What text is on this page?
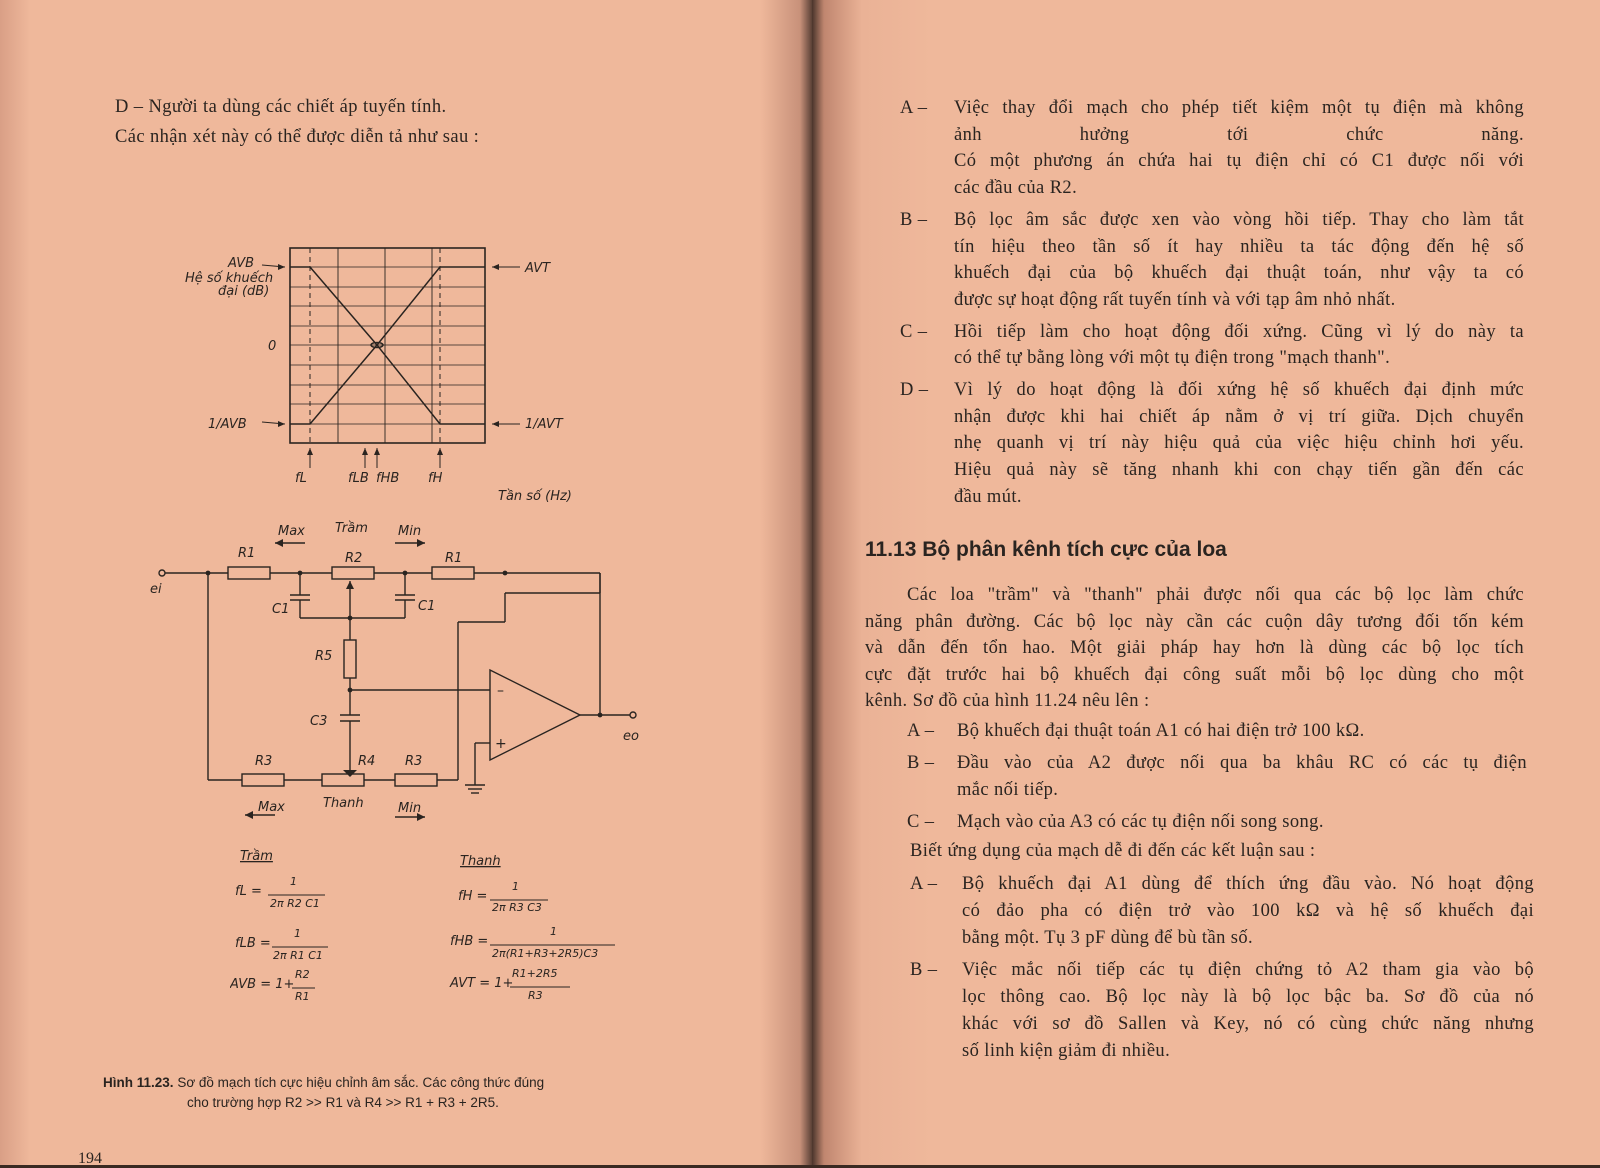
D – Người ta dùng các chiết áp tuyến tính.
Các nhận xét này có thể được diễn tả như sau :
AVB
Hệ số khuếch
đại (dB)
0
1/AVB
AVT
1/AVT
fL	fLB fHB fH
Tần số (Hz)
–
+
Max Trầm Min
ei
R1	R2	R1
C1	C1
R5
C3
R3	R4 R3
eo
Max	Thanh	Min
Trầm
fL =
1
2π R2 C1
fLB =
1
2π R1 C1
AVB = 1+
R2
R1
Thanh
fH =
1
2π R3 C3
fHB =
1
2π(R1+R3+2R5)C3
AVT = 1+
R1+2R5
R3
Hình 11.23. Sơ đồ mạch tích cực hiệu chỉnh âm sắc. Các công thức đúng
cho trường hợp R2 >> R1 và R4 >> R1 + R3 + 2R5.
194
A – Việc thay đổi mạch cho phép tiết kiệm một tụ điện mà không
ảnh hưởng tới chức năng.
Có một phương án chứa hai tụ điện chỉ có C1 được nối với
các đầu của R2.
B – Bộ lọc âm sắc được xen vào vòng hồi tiếp. Thay cho làm tắt
tín hiệu theo tần số ít hay nhiều ta tác động đến hệ số
khuếch đại của bộ khuếch đại thuật toán, như vậy ta có
được sự hoạt động rất tuyến tính và với tạp âm nhỏ nhất.
C – Hồi tiếp làm cho hoạt động đối xứng. Cũng vì lý do này ta
có thể tự bằng lòng với một tụ điện trong "mạch thanh".
D – Vì lý do hoạt động là đối xứng hệ số khuếch đại định mức
nhận được khi hai chiết áp nằm ở vị trí giữa. Dịch chuyển
nhẹ quanh vị trí này hiệu quả của việc hiệu chỉnh hơi yếu.
Hiệu quả này sẽ tăng nhanh khi con chạy tiến gần đến các
đầu mút.
11.13 Bộ phân kênh tích cực của loa
Các loa "trầm" và "thanh" phải được nối qua các bộ lọc làm chức
năng phân đường. Các bộ lọc này cần các cuộn dây tương đối tốn kém
và dẫn đến tổn hao. Một giải pháp hay hơn là dùng các bộ lọc tích
cực đặt trước hai bộ khuếch đại công suất mỗi bộ lọc dùng cho một
kênh. Sơ đồ của hình 11.24 nêu lên :
A – Bộ khuếch đại thuật toán A1 có hai điện trở 100 kΩ.
B – Đầu vào của A2 được nối qua ba khâu RC có các tụ điện
mắc nối tiếp.
C – Mạch vào của A3 có các tụ điện nối song song.
Biết ứng dụng của mạch dễ đi đến các kết luận sau :
A – Bộ khuếch đại A1 dùng để thích ứng đầu vào. Nó hoạt động
có đảo pha có điện trở vào 100 kΩ và hệ số khuếch đại
bằng một. Tụ 3 pF dùng để bù tần số.
B – Việc mắc nối tiếp các tụ điện chứng tỏ A2 tham gia vào bộ
lọc thông cao. Bộ lọc này là bộ lọc bậc ba. Sơ đồ của nó
khác với sơ đồ Sallen và Key, nó có cùng chức năng nhưng
số linh kiện giảm đi nhiều.
